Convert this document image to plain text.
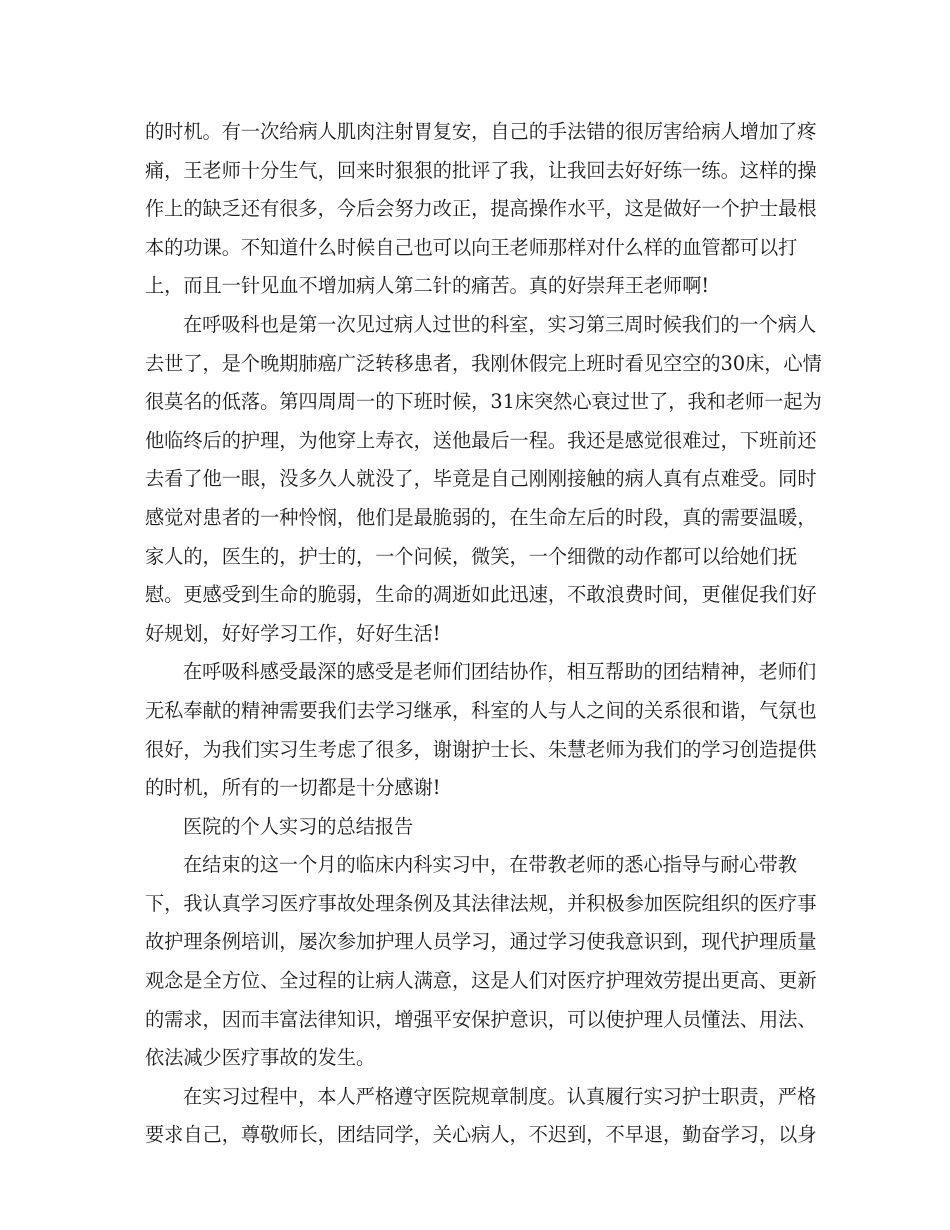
的时机。有一次给病人肌肉注射胃复安，自己的手法错的很厉害给病人增加了疼
痛，王老师十分生气，回来时狠狠的批评了我，让我回去好好练一练。这样的操
作上的缺乏还有很多，今后会努力改正，提高操作水平，这是做好一个护士最根
本的功课。不知道什么时候自己也可以向王老师那样对什么样的血管都可以打
上，而且一针见血不增加病人第二针的痛苦。真的好崇拜王老师啊!
在呼吸科也是第一次见过病人过世的科室，实习第三周时候我们的一个病人
去世了，是个晚期肺癌广泛转移患者，我刚休假完上班时看见空空的30床，心情
很莫名的低落。第四周周一的下班时候，31床突然心衰过世了，我和老师一起为
他临终后的护理，为他穿上寿衣，送他最后一程。我还是感觉很难过，下班前还
去看了他一眼，没多久人就没了，毕竟是自己刚刚接触的病人真有点难受。同时
感觉对患者的一种怜悯，他们是最脆弱的，在生命左后的时段，真的需要温暖，
家人的，医生的，护士的，一个问候，微笑，一个细微的动作都可以给她们抚
慰。更感受到生命的脆弱，生命的凋逝如此迅速，不敢浪费时间，更催促我们好
好规划，好好学习工作，好好生活!
在呼吸科感受最深的感受是老师们团结协作，相互帮助的团结精神，老师们
无私奉献的精神需要我们去学习继承，科室的人与人之间的关系很和谐，气氛也
很好，为我们实习生考虑了很多，谢谢护士长、朱慧老师为我们的学习创造提供
的时机，所有的一切都是十分感谢!
医院的个人实习的总结报告
在结束的这一个月的临床内科实习中，在带教老师的悉心指导与耐心带教
下，我认真学习医疗事故处理条例及其法律法规，并积极参加医院组织的医疗事
故护理条例培训，屡次参加护理人员学习，通过学习使我意识到，现代护理质量
观念是全方位、全过程的让病人满意，这是人们对医疗护理效劳提出更高、更新
的需求，因而丰富法律知识，增强平安保护意识，可以使护理人员懂法、用法、
依法减少医疗事故的发生。
在实习过程中，本人严格遵守医院规章制度。认真履行实习护士职责，严格
要求自己，尊敬师长，团结同学，关心病人，不迟到，不早退，勤奋学习，以身
